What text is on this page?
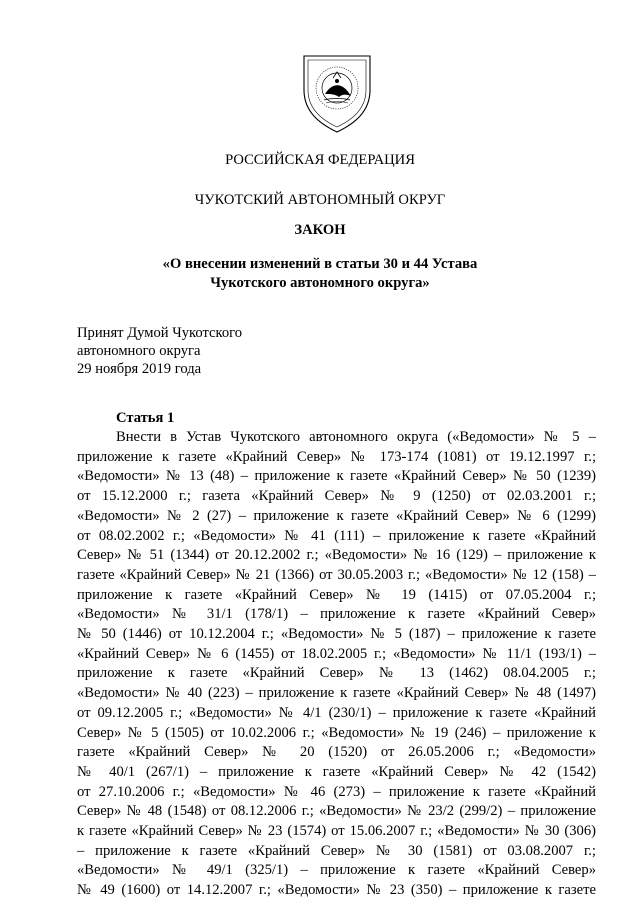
РОССИЙСКАЯ ФЕДЕРАЦИЯ
ЧУКОТСКИЙ АВТОНОМНЫЙ ОКРУГ
ЗАКОН
«О внесении изменений в статьи 30 и 44 Устава
Чукотского автономного округа»
Принят Думой Чукотского
автономного округа
29 ноября 2019 года
Статья 1
Внести в Устав Чукотского автономного округа («Ведомости» № 5 –
приложение к газете «Крайний Север» № 173-174 (1081) от 19.12.1997 г.;
«Ведомости» № 13 (48) – приложение к газете «Крайний Север» № 50 (1239)
от 15.12.2000 г.; газета «Крайний Север» № 9 (1250) от 02.03.2001 г.;
«Ведомости» № 2 (27) – приложение к газете «Крайний Север» № 6 (1299)
от 08.02.2002 г.; «Ведомости» № 41 (111) – приложение к газете «Крайний
Север» № 51 (1344) от 20.12.2002 г.; «Ведомости» № 16 (129) – приложение к
газете «Крайний Север» № 21 (1366) от 30.05.2003 г.; «Ведомости» № 12 (158) –
приложение к газете «Крайний Север» № 19 (1415) от 07.05.2004 г.;
«Ведомости» № 31/1 (178/1) – приложение к газете «Крайний Север»
№ 50 (1446) от 10.12.2004 г.; «Ведомости» № 5 (187) – приложение к газете
«Крайний Север» № 6 (1455) от 18.02.2005 г.; «Ведомости» № 11/1 (193/1) –
приложение к газете «Крайний Север» № 13 (1462) 08.04.2005 г.;
«Ведомости» № 40 (223) – приложение к газете «Крайний Север» № 48 (1497)
от 09.12.2005 г.; «Ведомости» № 4/1 (230/1) – приложение к газете «Крайний
Север» № 5 (1505) от 10.02.2006 г.; «Ведомости» № 19 (246) – приложение к
газете «Крайний Север» № 20 (1520) от 26.05.2006 г.; «Ведомости»
№ 40/1 (267/1) – приложение к газете «Крайний Север» № 42 (1542)
от 27.10.2006 г.; «Ведомости» № 46 (273) – приложение к газете «Крайний
Север» № 48 (1548) от 08.12.2006 г.; «Ведомости» № 23/2 (299/2) – приложение
к газете «Крайний Север» № 23 (1574) от 15.06.2007 г.; «Ведомости» № 30 (306)
– приложение к газете «Крайний Север» № 30 (1581) от 03.08.2007 г.;
«Ведомости» № 49/1 (325/1) – приложение к газете «Крайний Север»
№ 49 (1600) от 14.12.2007 г.; «Ведомости» № 23 (350) – приложение к газете
